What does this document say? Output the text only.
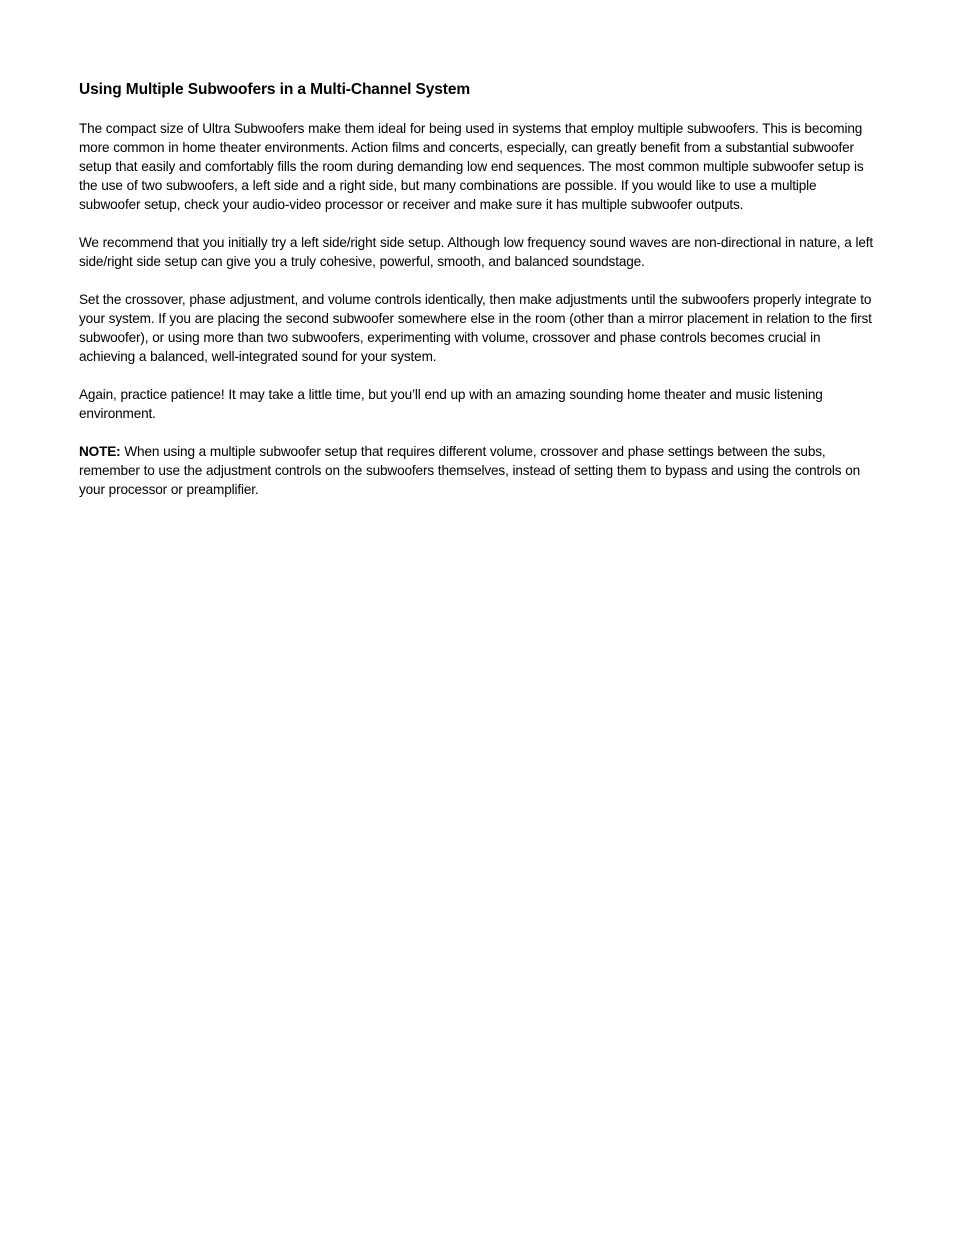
Using Multiple Subwoofers in a Multi-Channel System

The compact size of Ultra Subwoofers make them ideal for being used in systems that employ multiple subwoofers. This is becoming more common in home theater environments. Action films and concerts, especially, can greatly benefit from a substantial subwoofer setup that easily and comfortably fills the room during demanding low end sequences. The most common multiple subwoofer setup is the use of two subwoofers, a left side and a right side, but many combinations are possible. If you would like to use a multiple subwoofer setup, check your audio-video processor or receiver and make sure it has multiple subwoofer outputs.

We recommend that you initially try a left side/right side setup. Although low frequency sound waves are non-directional in nature, a left side/right side setup can give you a truly cohesive, powerful, smooth, and balanced soundstage.

Set the crossover, phase adjustment, and volume controls identically, then make adjustments until the subwoofers properly integrate to your system. If you are placing the second subwoofer somewhere else in the room (other than a mirror placement in relation to the first subwoofer), or using more than two subwoofers, experimenting with volume, crossover and phase controls becomes crucial in achieving a balanced, well-integrated sound for your system.

Again, practice patience! It may take a little time, but you’ll end up with an amazing sounding home theater and music listening environment.

NOTE: When using a multiple subwoofer setup that requires different volume, crossover and phase settings between the subs, remember to use the adjustment controls on the subwoofers themselves, instead of setting them to bypass and using the controls on your processor or preamplifier.
